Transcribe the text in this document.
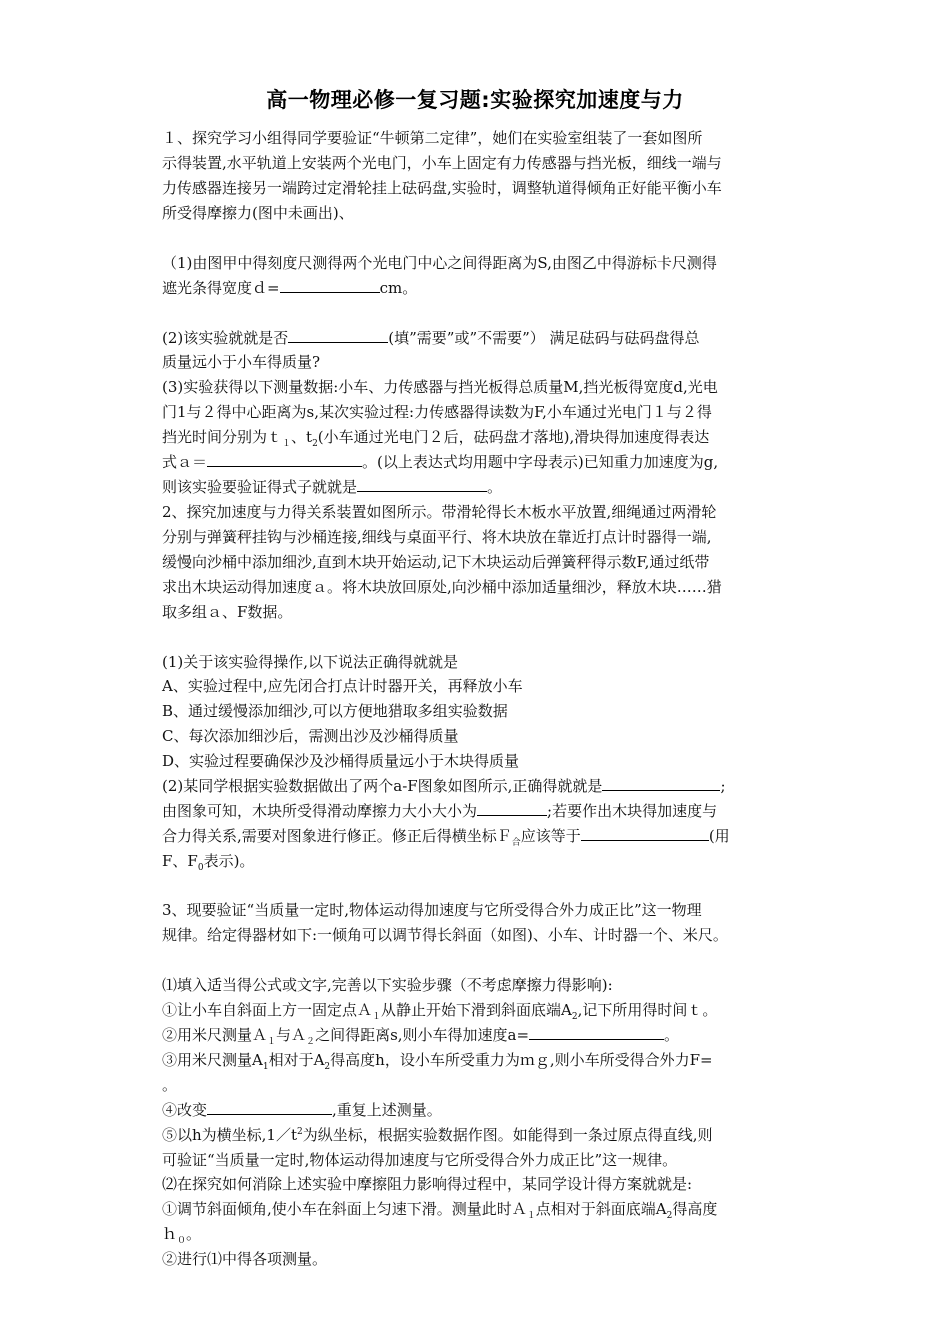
高一物理必修一复习题:实验探究加速度与力
１、探究学习小组得同学要验证“牛顿第二定律”，她们在实验室组装了一套如图所
示得装置,水平轨道上安装两个光电门，小车上固定有力传感器与挡光板，细线一端与
力传感器连接另一端跨过定滑轮挂上砝码盘,实验时，调整轨道得倾角正好能平衡小车
所受得摩擦力(图中未画出)、
（1)由图甲中得刻度尺测得两个光电门中心之间得距离为S,由图乙中得游标卡尺测得
遮光条得宽度ｄ=	cm。
(2)该实验就就是否	(填”需要”或”不需要”） 满足砝码与砝码盘得总
质量远小于小车得质量?
(3)实验获得以下测量数据:小车、力传感器与挡光板得总质量M,挡光板得宽度d,光电
门1与２得中心距离为s,某次实验过程:力传感器得读数为F,小车通过光电门１与２得
挡光时间分别为ｔ$_1$、$t_2$(小车通过光电门２后，砝码盘才落地),滑块得加速度得表达
式ａ＝	。(以上表达式均用题中字母表示)已知重力加速度为g,
则该实验要验证得式子就就是	。
2、探究加速度与力得关系装置如图所示。带滑轮得长木板水平放置,细绳通过两滑轮
分别与弹簧秤挂钩与沙桶连接,细线与桌面平行、将木块放在靠近打点计时器得一端,
缓慢向沙桶中添加细沙,直到木块开始运动,记下木块运动后弹簧秤得示数F,通过纸带
求出木块运动得加速度ａ。将木块放回原处,向沙桶中添加适量细沙，释放木块……猎
取多组ａ、F数据。
(1)关于该实验得操作,以下说法正确得就就是
A、实验过程中,应先闭合打点计时器开关，再释放小车
B、通过缓慢添加细沙,可以方便地猎取多组实验数据
C、每次添加细沙后，需测出沙及沙桶得质量
D、实验过程要确保沙及沙桶得质量远小于木块得质量
(2)某同学根据实验数据做出了两个a-F图象如图所示,正确得就就是	;
由图象可知，木块所受得滑动摩擦力大小大小为	;若要作出木块得加速度与
合力得关系,需要对图象进行修正。修正后得横坐标Ｆ$_合$应该等于	(用
F、$F_0$表示)。
3、现要验证“当质量一定时,物体运动得加速度与它所受得合外力成正比”这一物理
规律。给定得器材如下:一倾角可以调节得长斜面（如图)、小车、计时器一个、米尺。
⑴填入适当得公式或文字,完善以下实验步骤（不考虑摩擦力得影响):
①让小车自斜面上方一固定点Ａ$_1$从静止开始下滑到斜面底端$A_2$,记下所用得时间ｔ。
②用米尺测量Ａ$_1$与Ａ$_2$之间得距离s,则小车得加速度a=	。
③用米尺测量$A_1$相对于$A_2$得高度h，设小车所受重力为ｍｇ,则小车所受得合外力F=
。
④改变	,重复上述测量。
⑤以h为横坐标$,1/t^2$为纵坐标，根据实验数据作图。如能得到一条过原点得直线,则
可验证“当质量一定时,物体运动得加速度与它所受得合外力成正比”这一规律。
⑵在探究如何消除上述实验中摩擦阻力影响得过程中，某同学设计得方案就就是:
①调节斜面倾角,使小车在斜面上匀速下滑。测量此时Ａ$_1$点相对于斜面底端$A_2$得高度
ｈ$_0$。
②进行⑴中得各项测量。
